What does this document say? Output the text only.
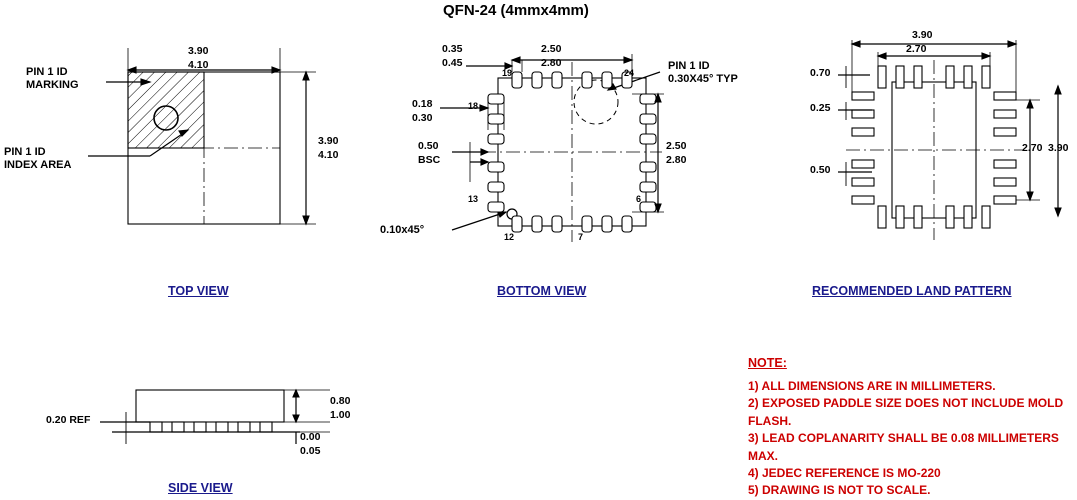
QFN-24 (4mmx4mm)
PIN 1 ID
MARKING
PIN 1 ID
INDEX AREA
3.90
4.10
3.90
4.10
TOP VIEW
0.35
0.45
2.50
2.80
0.18
0.30
0.50
BSC
2.50
2.80
0.10x45°
PIN 1 ID
0.30X45° TYP
19	24
18
13
12	7
6
BOTTOM VIEW
3.90
2.70
0.70
0.25
0.50
2.70 3.90
RECOMMENDED LAND PATTERN
0.20 REF
0.80
1.00
0.00
0.05
SIDE VIEW
NOTE:
1) ALL DIMENSIONS ARE IN MILLIMETERS.
2) EXPOSED PADDLE SIZE DOES NOT INCLUDE MOLD FLASH.
3) LEAD COPLANARITY SHALL BE 0.08 MILLIMETERS MAX.
4) JEDEC REFERENCE IS MO-220
5) DRAWING IS NOT TO SCALE.
